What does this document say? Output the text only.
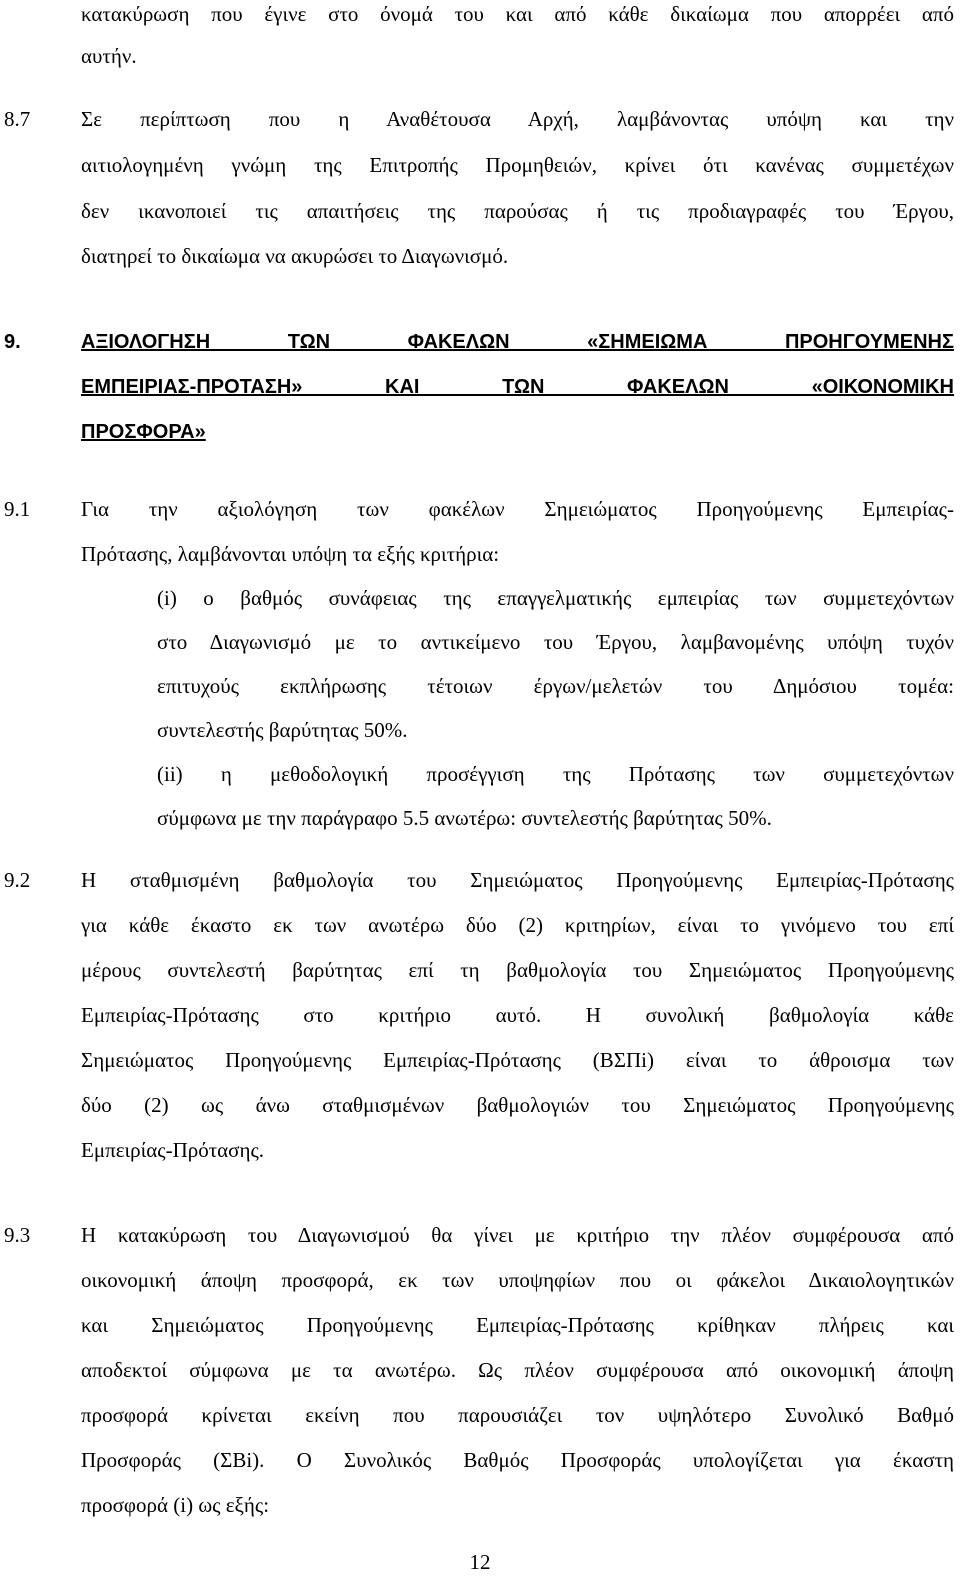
κατακύρωση που έγινε στο όνομά του και από κάθε δικαίωμα που απορρέει από
αυτήν.
8.7 Σε περίπτωση που η Αναθέτουσα Αρχή, λαμβάνοντας υπόψη και την
αιτιολογημένη γνώμη της Επιτροπής Προμηθειών, κρίνει ότι κανένας συμμετέχων
δεν ικανοποιεί τις απαιτήσεις της παρούσας ή τις προδιαγραφές του Έργου,
διατηρεί το δικαίωμα να ακυρώσει το Διαγωνισμό.
9.	ΑΞΙΟΛΟΓΗΣΗ ΤΩΝ ΦΑΚΕΛΩΝ «ΣΗΜΕΙΩΜΑ ΠΡΟΗΓΟΥΜΕΝΗΣ
ΕΜΠΕΙΡΙΑΣ-ΠΡΟΤΑΣΗ» ΚΑΙ ΤΩΝ ΦΑΚΕΛΩΝ «ΟΙΚΟΝΟΜΙΚΗ
ΠΡΟΣΦΟΡΑ»
9.1 Για την αξιολόγηση των φακέλων Σημειώματος Προηγούμενης Εμπειρίας-
Πρότασης, λαμβάνονται υπόψη τα εξής κριτήρια:
(i) ο βαθμός συνάφειας της επαγγελματικής εμπειρίας των συμμετεχόντων
στο Διαγωνισμό με το αντικείμενο του Έργου, λαμβανομένης υπόψη τυχόν
επιτυχούς εκπλήρωσης τέτοιων έργων/μελετών του Δημόσιου τομέα:
συντελεστής βαρύτητας 50%.
(ii) η μεθοδολογική προσέγγιση της Πρότασης των συμμετεχόντων
σύμφωνα με την παράγραφο 5.5 ανωτέρω: συντελεστής βαρύτητας 50%.
9.2 Η σταθμισμένη βαθμολογία του Σημειώματος Προηγούμενης Εμπειρίας-Πρότασης
για κάθε έκαστο εκ των ανωτέρω δύο (2) κριτηρίων, είναι το γινόμενο του επί
μέρους συντελεστή βαρύτητας επί τη βαθμολογία του Σημειώματος Προηγούμενης
Εμπειρίας-Πρότασης στο κριτήριο αυτό. Η συνολική βαθμολογία κάθε
Σημειώματος Προηγούμενης Εμπειρίας-Πρότασης (ΒΣΠi) είναι το άθροισμα των
δύο (2) ως άνω σταθμισμένων βαθμολογιών του Σημειώματος Προηγούμενης
Εμπειρίας-Πρότασης.
9.3 Η κατακύρωση του Διαγωνισμού θα γίνει με κριτήριο την πλέον συμφέρουσα από
οικονομική άποψη προσφορά, εκ των υποψηφίων που οι φάκελοι Δικαιολογητικών
και Σημειώματος Προηγούμενης Εμπειρίας-Πρότασης κρίθηκαν πλήρεις και
αποδεκτοί σύμφωνα με τα ανωτέρω. Ως πλέον συμφέρουσα από οικονομική άποψη
προσφορά κρίνεται εκείνη που παρουσιάζει τον υψηλότερο Συνολικό Βαθμό
Προσφοράς (ΣΒi). Ο Συνολικός Βαθμός Προσφοράς υπολογίζεται για έκαστη
προσφορά (i) ως εξής:
12
